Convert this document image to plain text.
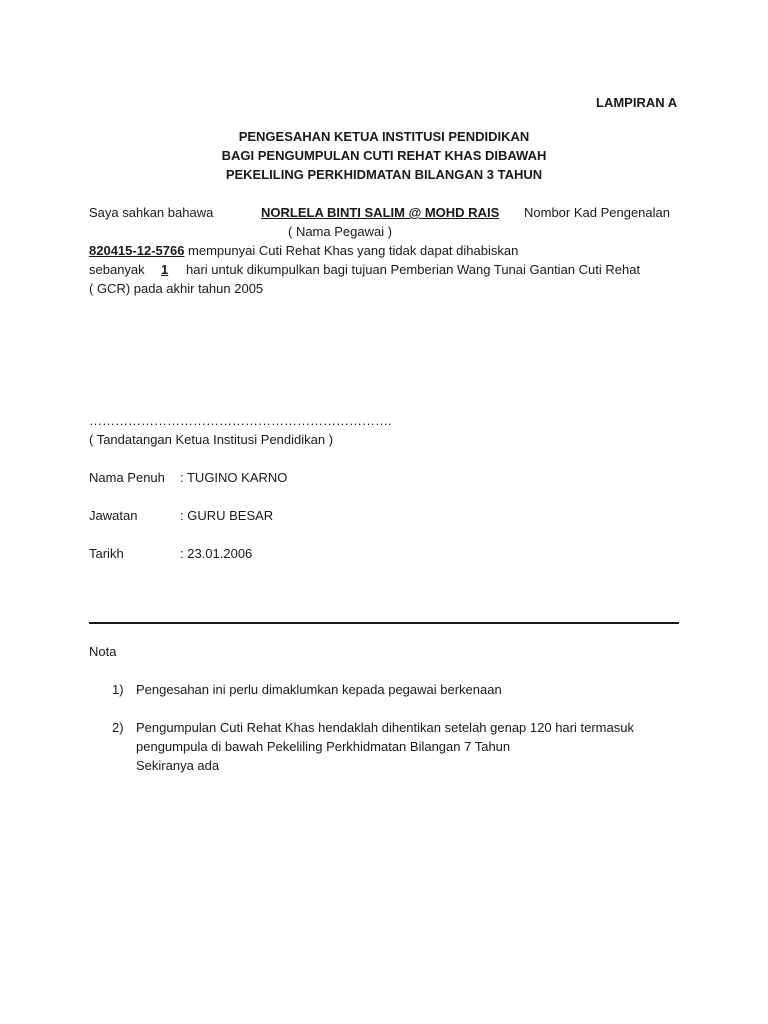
LAMPIRAN A
PENGESAHAN KETUA INSTITUSI PENDIDIKAN
BAGI PENGUMPULAN CUTI REHAT KHAS DIBAWAH
PEKELILING PERKHIDMATAN BILANGAN 3 TAHUN
Saya sahkan bahawa	NORLELA BINTI SALIM @ MOHD RAIS Nombor Kad Pengenalan
( Nama Pegawai )
820415-12-5766 mempunyai Cuti Rehat Khas yang tidak dapat dihabiskan
sebanyak 1 hari untuk dikumpulkan bagi tujuan Pemberian Wang Tunai Gantian Cuti Rehat
( GCR) pada akhir tahun 2005
…………………………………………………………….
( Tandatangan Ketua Institusi Pendidikan )
Nama Penuh : TUGINO KARNO
Jawatan	: GURU BESAR
Tarikh	: 23.01.2006
Nota
1) Pengesahan ini perlu dimaklumkan kepada pegawai berkenaan
2) Pengumpulan Cuti Rehat Khas hendaklah dihentikan setelah genap 120 hari termasuk
pengumpula di bawah Pekeliling Perkhidmatan Bilangan 7 Tahun
Sekiranya ada
